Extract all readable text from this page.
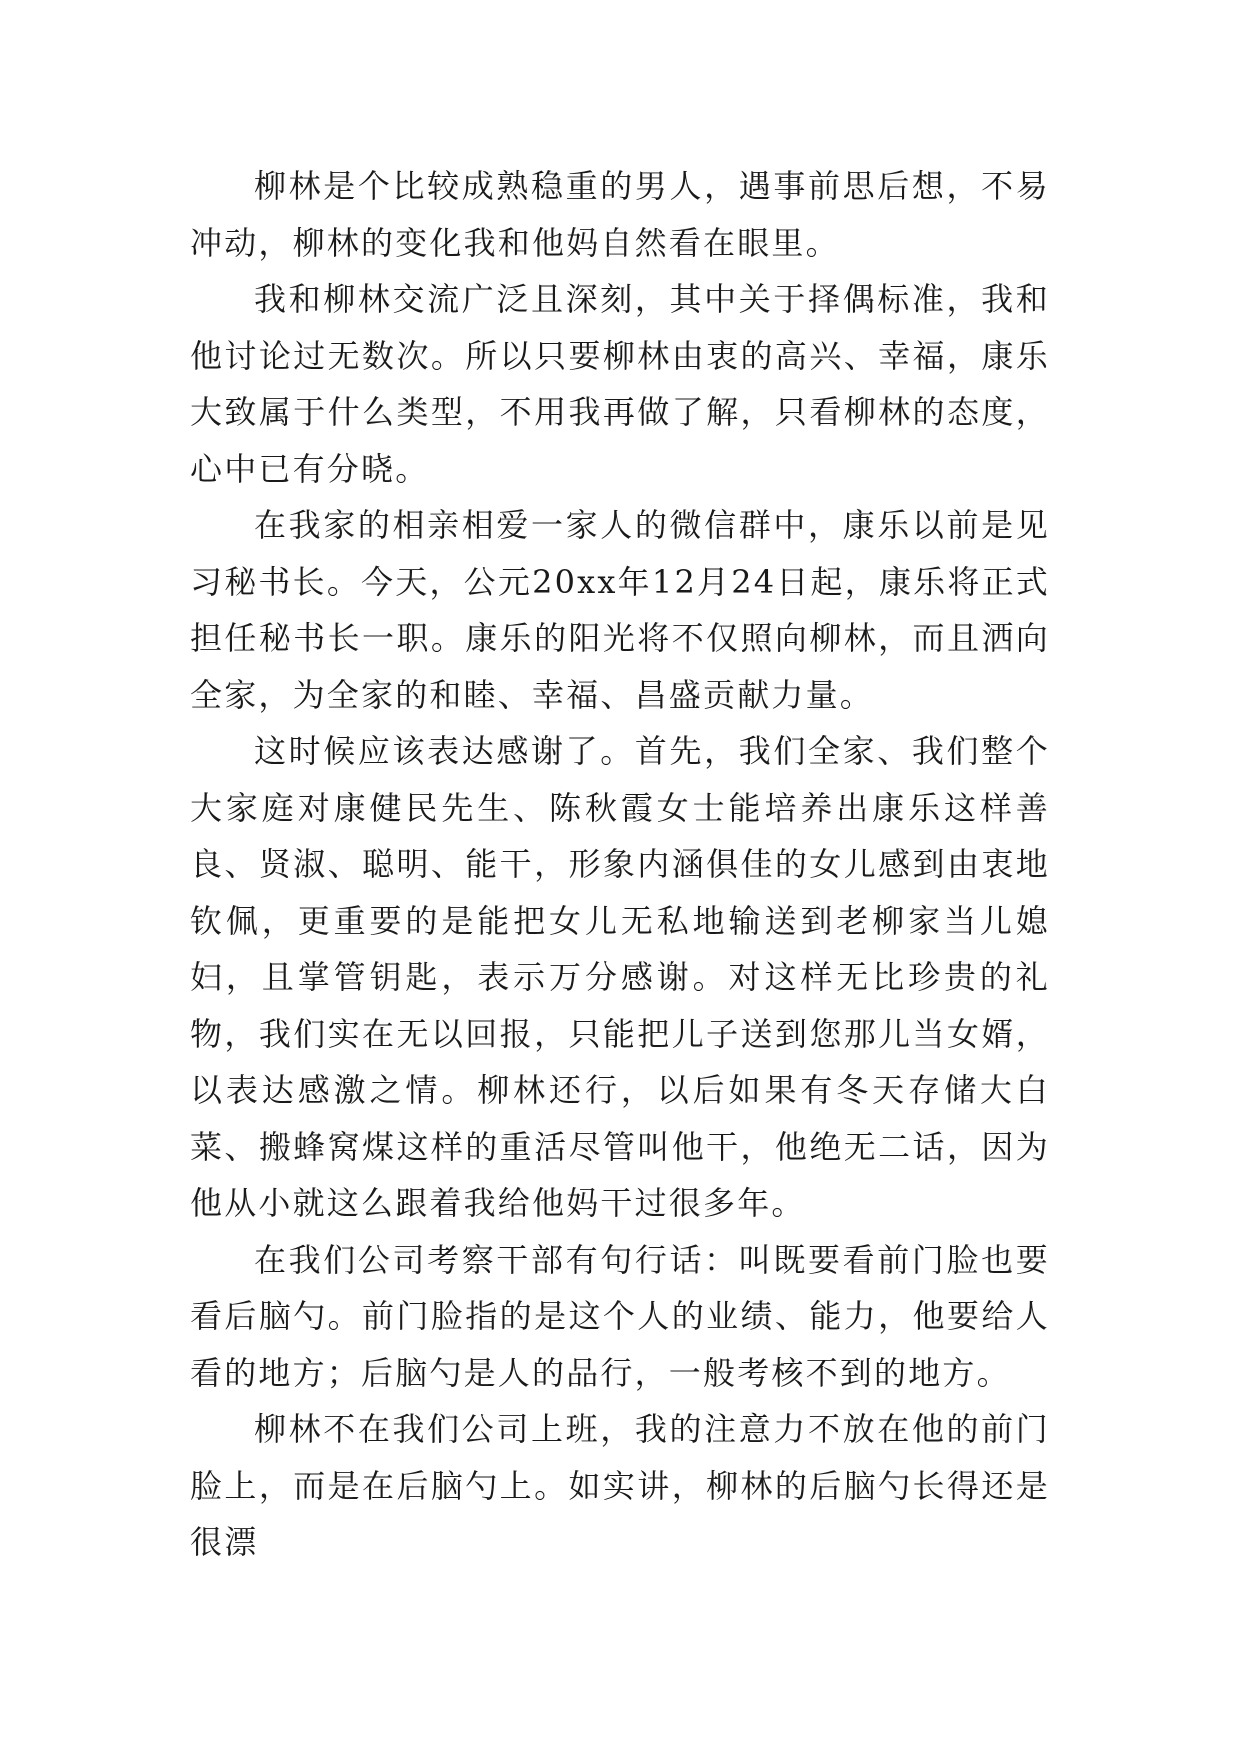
柳林是个比较成熟稳重的男人，遇事前思后想，不易冲动，柳林的变化我和他妈自然看在眼里。

我和柳林交流广泛且深刻，其中关于择偶标准，我和他讨论过无数次。所以只要柳林由衷的高兴、幸福，康乐大致属于什么类型，不用我再做了解，只看柳林的态度，心中已有分晓。

在我家的相亲相爱一家人的微信群中，康乐以前是见习秘书长。今天，公元20xx年12月24日起，康乐将正式担任秘书长一职。康乐的阳光将不仅照向柳林，而且洒向全家，为全家的和睦、幸福、昌盛贡献力量。

这时候应该表达感谢了。首先，我们全家、我们整个大家庭对康健民先生、陈秋霞女士能培养出康乐这样善良、贤淑、聪明、能干，形象内涵俱佳的女儿感到由衷地钦佩，更重要的是能把女儿无私地输送到老柳家当儿媳妇，且掌管钥匙，表示万分感谢。对这样无比珍贵的礼物，我们实在无以回报，只能把儿子送到您那儿当女婿，以表达感激之情。柳林还行，以后如果有冬天存储大白菜、搬蜂窝煤这样的重活尽管叫他干，他绝无二话，因为他从小就这么跟着我给他妈干过很多年。

在我们公司考察干部有句行话：叫既要看前门脸也要看后脑勺。前门脸指的是这个人的业绩、能力，他要给人看的地方；后脑勺是人的品行，一般考核不到的地方。

柳林不在我们公司上班，我的注意力不放在他的前门脸上，而是在后脑勺上。如实讲，柳林的后脑勺长得还是很漂
